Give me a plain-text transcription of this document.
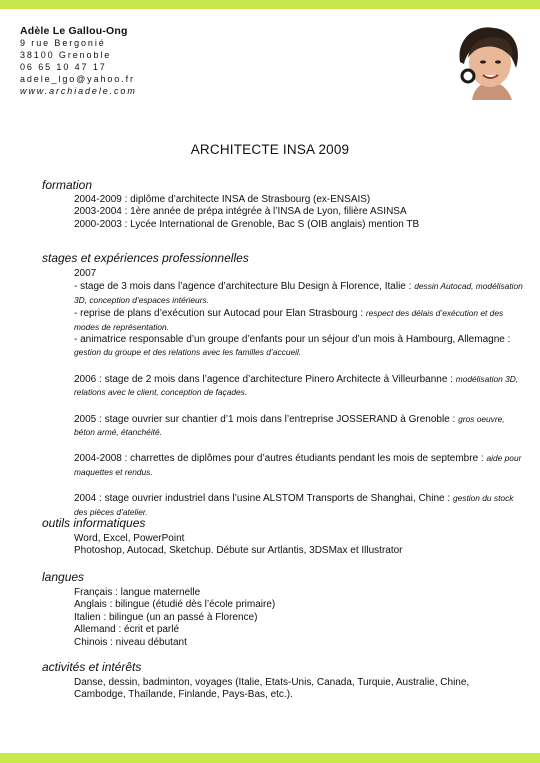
Adèle Le Gallou-Ong
9 rue Bergonié
38100 Grenoble
06 65 10 47 17
adele_lgo@yahoo.fr
www.archiadele.com
ARCHITECTE INSA 2009
formation
2004-2009 : diplôme d’architecte INSA de Strasbourg (ex-ENSAIS)
2003-2004 : 1ère année de prépa intégrée à l’INSA de Lyon, filière ASINSA
2000-2003 : Lycée International de Grenoble, Bac S (OIB anglais) mention TB
stages et expériences professionnelles
2007
- stage de 3 mois dans l’agence d’architecture Blu Design à Florence, Italie : dessin Autocad, modélisation 3D, conception d’espaces intérieurs.
- reprise de plans d’exécution sur Autocad pour Elan Strasbourg : respect des délais d’exécution et des modes de représentation.
- animatrice responsable d’un groupe d’enfants pour un séjour d’un mois à Hambourg, Allemagne : gestion du groupe et des relations avec les familles d’accueil.
2006 : stage de 2 mois dans l’agence d’architecture Pinero Architecte à Villeurbanne : modélisation 3D, relations avec le client, conception de façades.
2005 : stage ouvrier sur chantier d’1 mois dans l’entreprise JOSSERAND à Grenoble : gros oeuvre, béton armé, étanchéité.
2004-2008 : charrettes de diplômes pour d’autres étudiants pendant les mois de septembre : aide pour maquettes et rendus.
2004 : stage ouvrier industriel dans l’usine ALSTOM Transports de Shanghai, Chine : gestion du stock des pièces d’atelier.
outils informatiques
Word, Excel, PowerPoint
Photoshop, Autocad, Sketchup. Débute sur Artlantis, 3DSMax et Illustrator
langues
Français : langue maternelle
Anglais : bilingue (étudié dès l’école primaire)
Italien : bilingue (un an passé à Florence)
Allemand : écrit et parlé
Chinois : niveau débutant
activités et intérêts
Danse, dessin, badminton, voyages (Italie, Etats-Unis, Canada, Turquie, Australie, Chine, Cambodge, Thaïlande, Finlande, Pays-Bas, etc.).
